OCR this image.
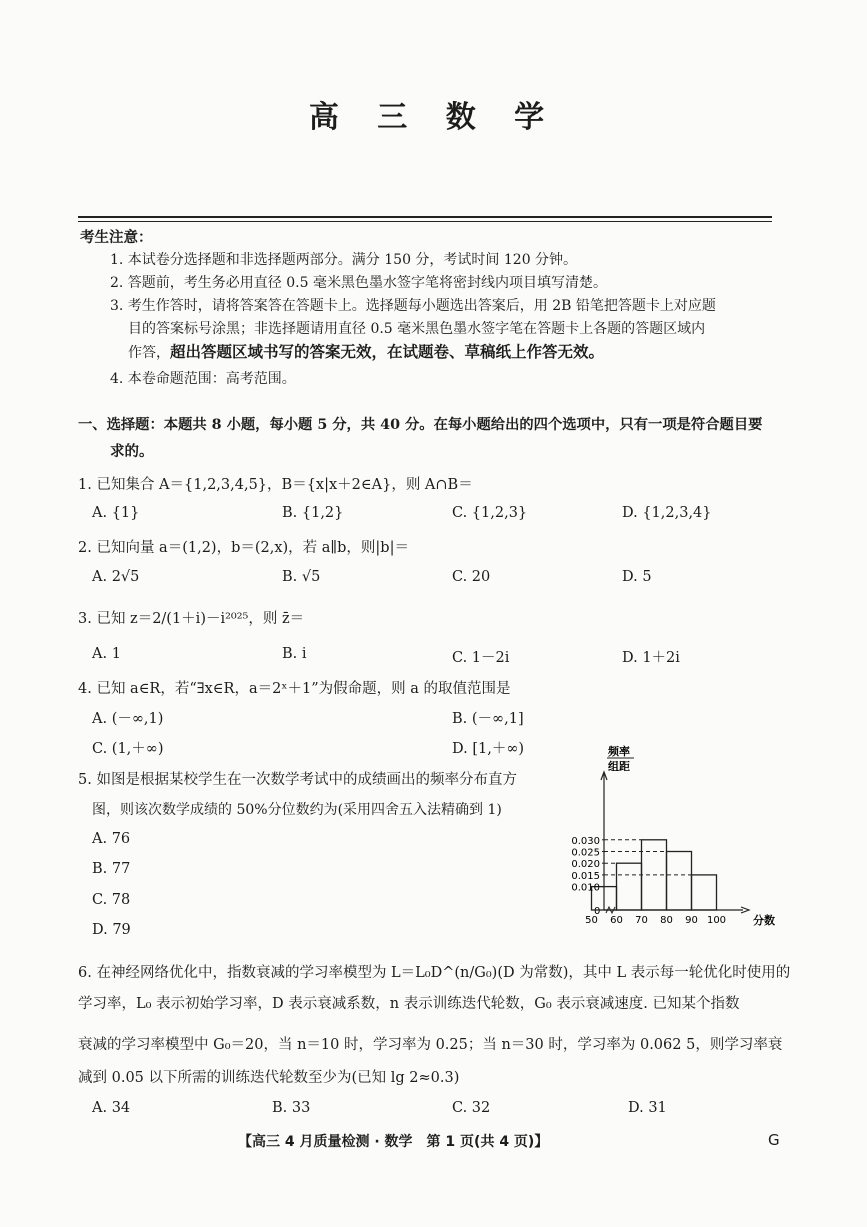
高 三 数 学
考生注意：
1. 本试卷分选择题和非选择题两部分。满分 150 分，考试时间 120 分钟。
2. 答题前，考生务必用直径 0.5 毫米黑色墨水签字笔将密封线内项目填写清楚。
3. 考生作答时，请将答案答在答题卡上。选择题每小题选出答案后，用 2B 铅笔把答题卡上对应题
目的答案标号涂黑；非选择题请用直径 0.5 毫米黑色墨水签字笔在答题卡上各题的答题区域内
作答，超出答题区域书写的答案无效，在试题卷、草稿纸上作答无效。
4. 本卷命题范围：高考范围。
一、选择题：本题共 8 小题，每小题 5 分，共 40 分。在每小题给出的四个选项中，只有一项是符合题目要
求的。
1. 已知集合 A＝{1,2,3,4,5}，B＝{x|x＋2∈A}，则 A∩B＝
A. {1}	B. {1,2}	C. {1,2,3}	D. {1,2,3,4}
2. 已知向量 a＝(1,2)，b＝(2,x)，若 a∥b，则|b|＝
A. 2√5	B. √5	C. 20	D. 5
3. 已知 z＝2/(1＋i)－i²⁰²⁵，则 z̄＝
A. 1	B. i	C. 1－2i	D. 1＋2i
4. 已知 a∈R，若“∃x∈R，a＝2ˣ＋1”为假命题，则 a 的取值范围是
A. (－∞,1)	B. (－∞,1]
C. (1,＋∞)	D. [1,＋∞)
5. 如图是根据某校学生在一次数学考试中的成绩画出的频率分布直方
图，则该次数学成绩的 50%分位数约为(采用四舍五入法精确到 1)
A. 76
B. 77
C. 78
D. 79
频率
组距
0
0.010
0.015
0.020
0.025
0.030
50 60 70 80 90 100 分数
6. 在神经网络优化中，指数衰减的学习率模型为 L＝L₀D^(n/G₀)(D 为常数)，其中 L 表示每一轮优化时使用的
学习率，L₀ 表示初始学习率，D 表示衰减系数，n 表示训练迭代轮数，G₀ 表示衰减速度. 已知某个指数
衰减的学习率模型中 G₀＝20，当 n＝10 时，学习率为 0.25；当 n＝30 时，学习率为 0.062 5，则学习率衰
减到 0.05 以下所需的训练迭代轮数至少为(已知 lg 2≈0.3)
A. 34	B. 33	C. 32	D. 31
【高三 4 月质量检测 · 数学　第 1 页(共 4 页)】	G
